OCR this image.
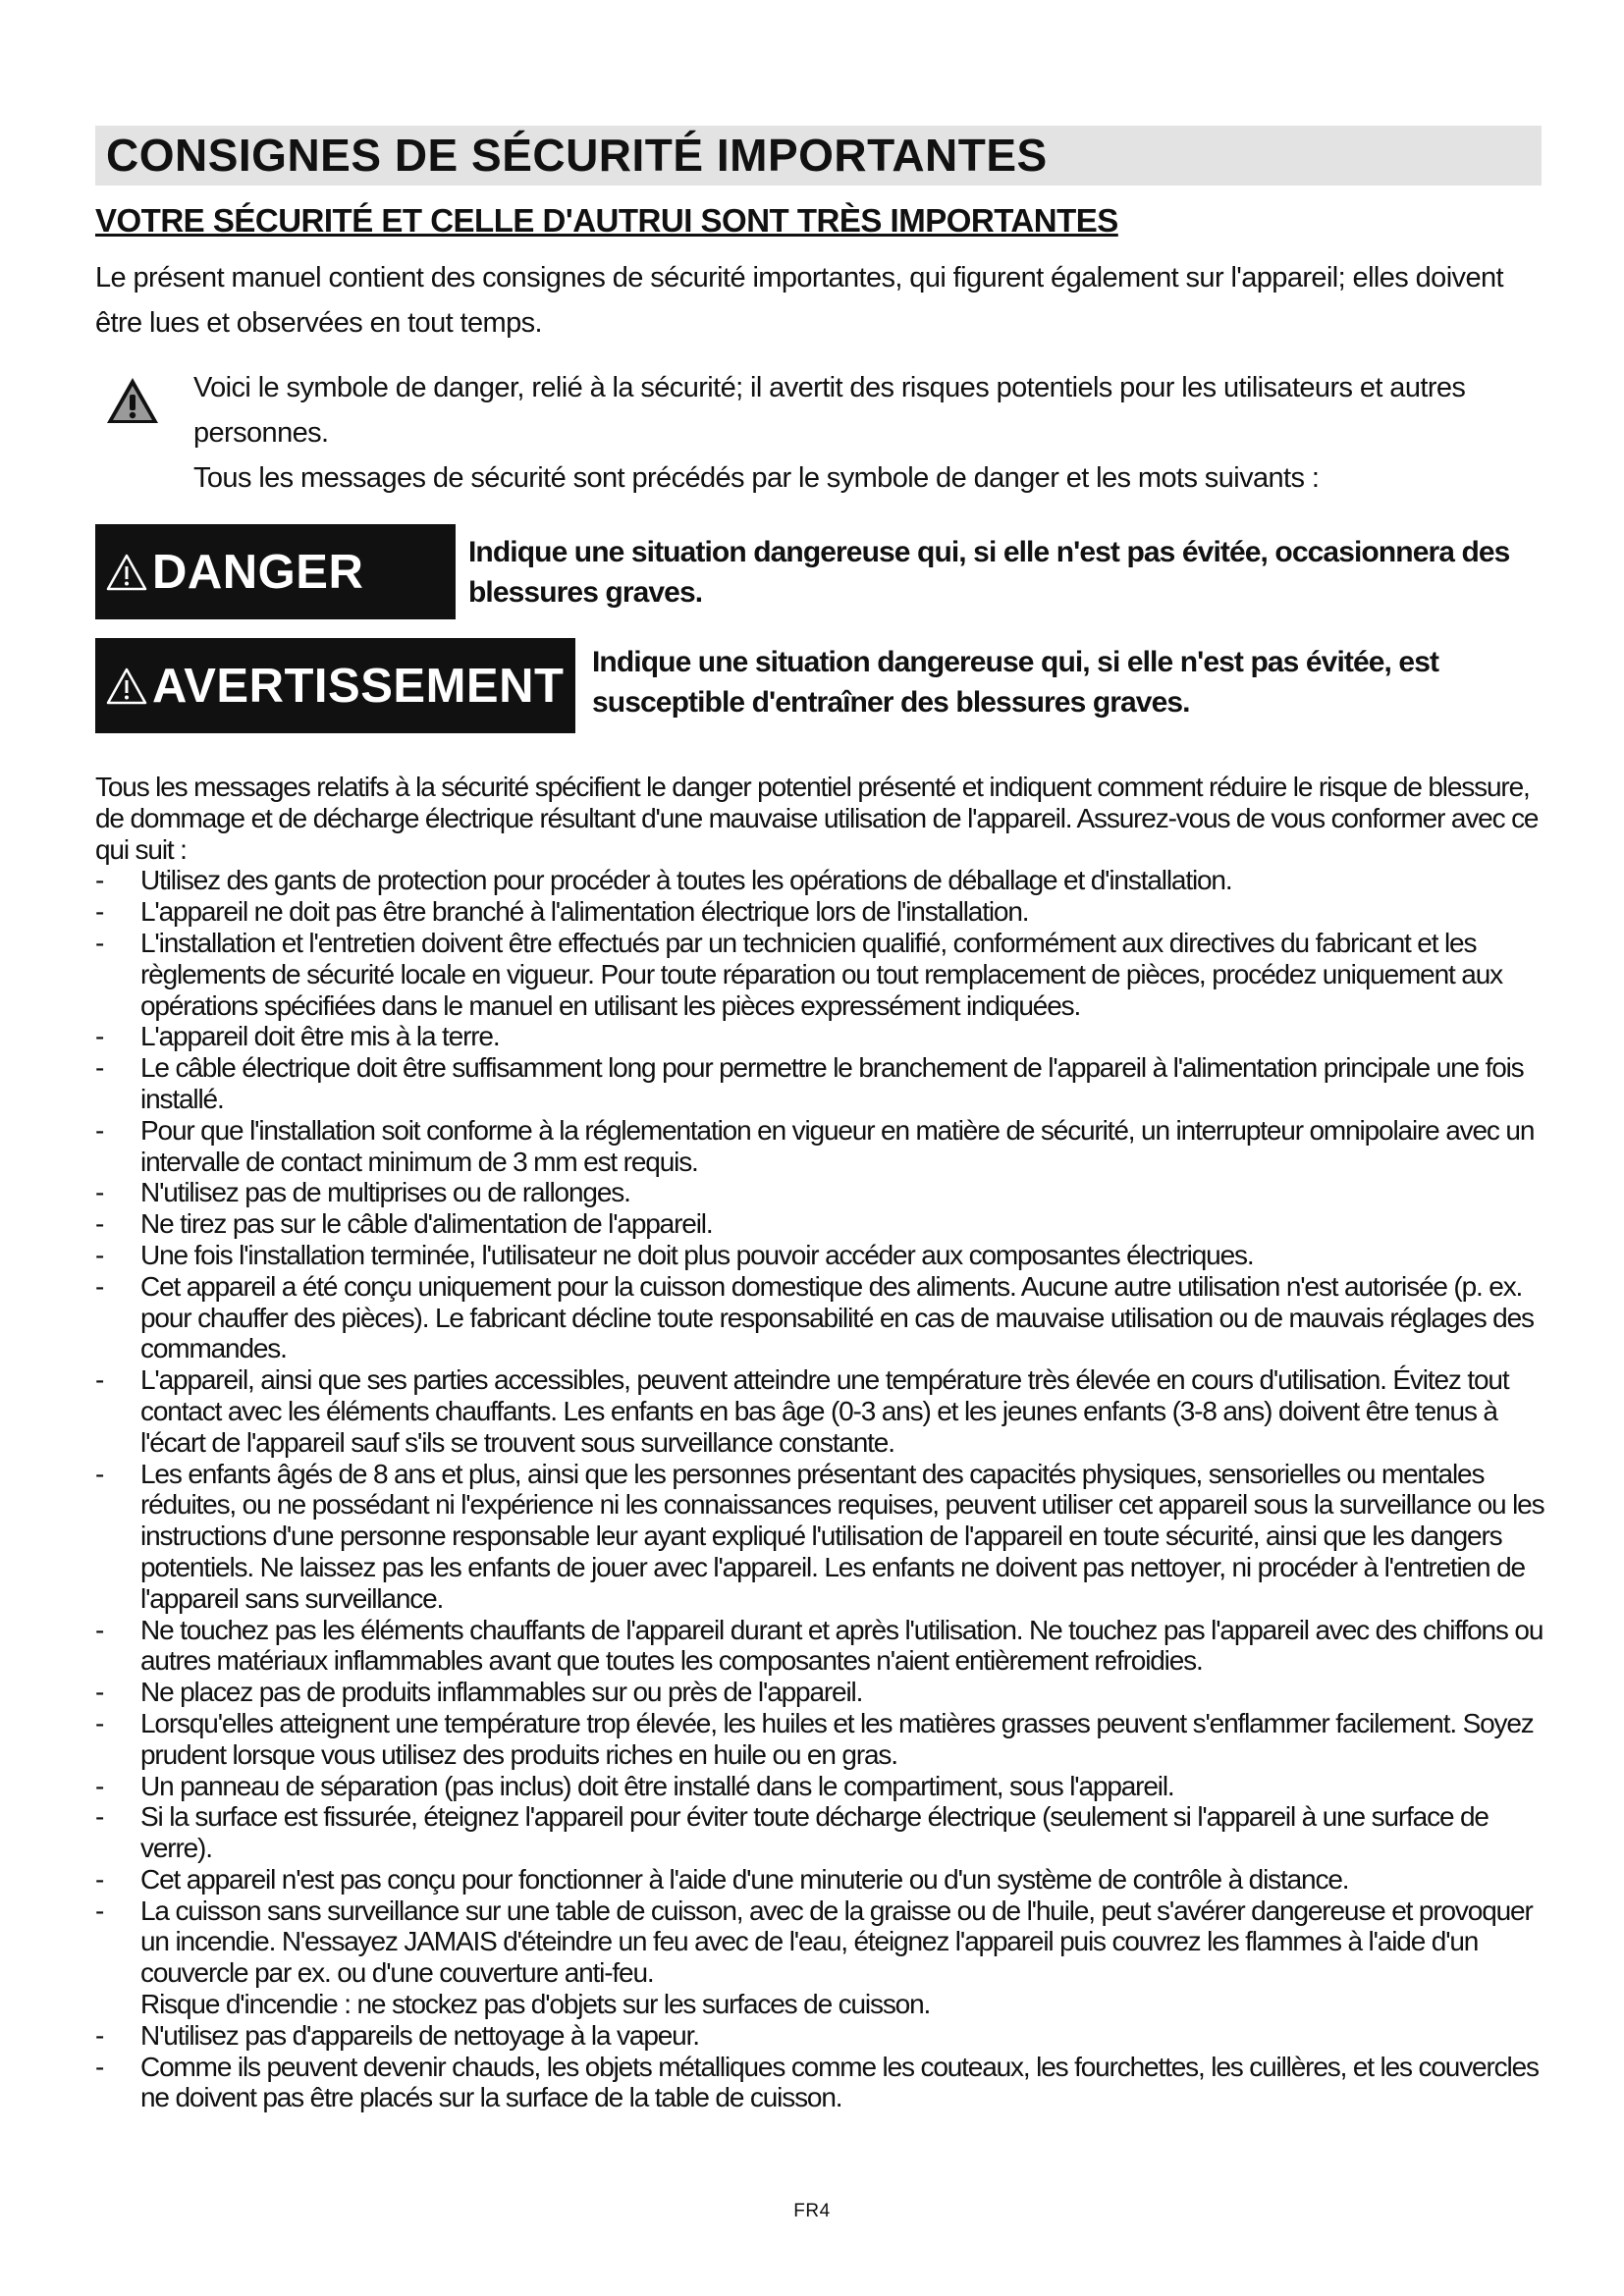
CONSIGNES DE SÉCURITÉ IMPORTANTES
VOTRE SÉCURITÉ ET CELLE D'AUTRUI SONT TRÈS IMPORTANTES
Le présent manuel contient des consignes de sécurité importantes, qui figurent également sur l'appareil; elles doivent être lues et observées en tout temps.
Voici le symbole de danger, relié à la sécurité; il avertit des risques potentiels pour les utilisateurs et autres personnes.
Tous les messages de sécurité sont précédés par le symbole de danger et les mots suivants :
DANGER	Indique une situation dangereuse qui, si elle n'est pas évitée, occasionnera des blessures graves.
AVERTISSEMENT Indique une situation dangereuse qui, si elle n'est pas évitée, est susceptible d'entraîner des blessures graves.

Tous les messages relatifs à la sécurité spécifient le danger potentiel présenté et indiquent comment réduire le risque de blessure, de dommage et de décharge électrique résultant d'une mauvaise utilisation de l'appareil. Assurez-vous de vous conformer avec ce qui suit :

- Utilisez des gants de protection pour procéder à toutes les opérations de déballage et d'installation.
- L'appareil ne doit pas être branché à l'alimentation électrique lors de l'installation.
- L'installation et l'entretien doivent être effectués par un technicien qualifié, conformément aux directives du fabricant et les règlements de sécurité locale en vigueur. Pour toute réparation ou tout remplacement de pièces, procédez uniquement aux opérations spécifiées dans le manuel en utilisant les pièces expressément indiquées.
- L'appareil doit être mis à la terre.
- Le câble électrique doit être suffisamment long pour permettre le branchement de l'appareil à l'alimentation principale une fois installé.
- Pour que l'installation soit conforme à la réglementation en vigueur en matière de sécurité, un interrupteur omnipolaire avec un intervalle de contact minimum de 3 mm est requis.
- N'utilisez pas de multiprises ou de rallonges.
- Ne tirez pas sur le câble d'alimentation de l'appareil.
- Une fois l'installation terminée, l'utilisateur ne doit plus pouvoir accéder aux composantes électriques.
- Cet appareil a été conçu uniquement pour la cuisson domestique des aliments. Aucune autre utilisation n'est autorisée (p. ex. pour chauffer des pièces). Le fabricant décline toute responsabilité en cas de mauvaise utilisation ou de mauvais réglages des commandes.
- L'appareil, ainsi que ses parties accessibles, peuvent atteindre une température très élevée en cours d'utilisation. Évitez tout contact avec les éléments chauffants. Les enfants en bas âge (0-3 ans) et les jeunes enfants (3-8 ans) doivent être tenus à l'écart de l'appareil sauf s'ils se trouvent sous surveillance constante.
- Les enfants âgés de 8 ans et plus, ainsi que les personnes présentant des capacités physiques, sensorielles ou mentales réduites, ou ne possédant ni l'expérience ni les connaissances requises, peuvent utiliser cet appareil sous la surveillance ou les instructions d'une personne responsable leur ayant expliqué l'utilisation de l'appareil en toute sécurité, ainsi que les dangers potentiels. Ne laissez pas les enfants de jouer avec l'appareil. Les enfants ne doivent pas nettoyer, ni procéder à l'entretien de l'appareil sans surveillance.
- Ne touchez pas les éléments chauffants de l'appareil durant et après l'utilisation. Ne touchez pas l'appareil avec des chiffons ou autres matériaux inflammables avant que toutes les composantes n'aient entièrement refroidies.
- Ne placez pas de produits inflammables sur ou près de l'appareil.
- Lorsqu'elles atteignent une température trop élevée, les huiles et les matières grasses peuvent s'enflammer facilement. Soyez prudent lorsque vous utilisez des produits riches en huile ou en gras.
- Un panneau de séparation (pas inclus) doit être installé dans le compartiment, sous l'appareil.
- Si la surface est fissurée, éteignez l'appareil pour éviter toute décharge électrique (seulement si l'appareil à une surface de verre).
- Cet appareil n'est pas conçu pour fonctionner à l'aide d'une minuterie ou d'un système de contrôle à distance.
- La cuisson sans surveillance sur une table de cuisson, avec de la graisse ou de l'huile, peut s'avérer dangereuse et provoquer un incendie. N'essayez JAMAIS d'éteindre un feu avec de l'eau, éteignez l'appareil puis couvrez les flammes à l'aide d'un couvercle par ex. ou d'une couverture anti-feu.
Risque d'incendie : ne stockez pas d'objets sur les surfaces de cuisson.
- N'utilisez pas d'appareils de nettoyage à la vapeur.
- Comme ils peuvent devenir chauds, les objets métalliques comme les couteaux, les fourchettes, les cuillères, et les couvercles ne doivent pas être placés sur la surface de la table de cuisson.
FR4
